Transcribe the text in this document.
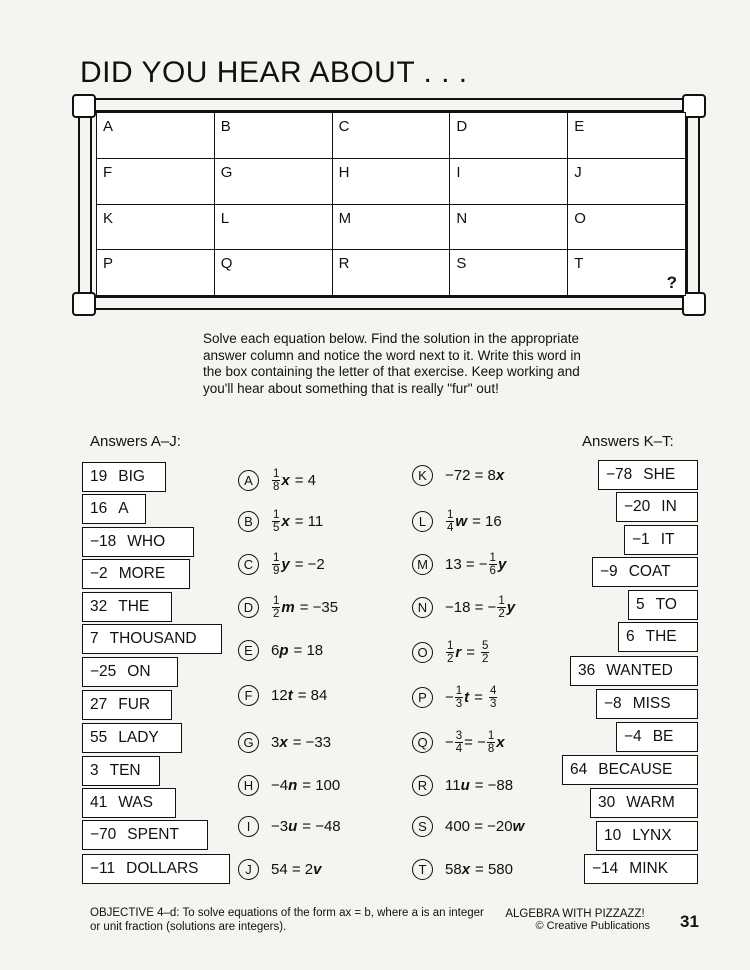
DID YOU HEAR ABOUT . . .
A	B	C	D	E
F	G	H	I	J
K	L	M	N	O
P	Q	R	S	T
?

Solve each equation below. Find the solution in the appropriate answer column and notice the word next to it. Write this word in the box containing the letter of that exercise. Keep working and you'll hear about something that is really "fur" out!

Answers A–J:	Answers K–T:
19 BIG
16 A
−18 WHO
−2 MORE
32 THE
7 THOUSAND
−25 ON
27 FUR
55 LADY
3 TEN
41 WAS
−70 SPENT
−11 DOLLARS
−78 SHE
−20 IN
−1 IT
−9 COAT
5 TO
6 THE
36 WANTED
−8 MISS
−4 BE
64 BECAUSE
30 WARM
10 LYNX
−14 MINK
A	$\frac{1}{8}$ x = 4
B	$\frac{1}{5}$ x = 11
C	$\frac{1}{9}$ y = −2
D	$\frac{1}{2}$ m = −35
E	6 p = 18
F	12 t = 84
G	3 x = −33
H	−4 n = 100
I	−3 u = −48
J	54 = 2 v
K	−72 = 8 x
L	$\frac{1}{4}$ w = 16
M	13 = − $\frac{1}{6}$ y
N	−18 = − $\frac{1}{2}$ y
O	$\frac{1}{2}$ $r = \frac{5}{2}$
P	− $\frac{1}{3}$ $t = \frac{4}{3}$
Q	− $\frac{3}{4}$ = − $\frac{1}{8}$ x
R	11 u = −88
S	400 = −20 w
T	58 x = 580

OBJECTIVE 4–d: To solve equations of the form ax = b, where a is an integer or unit fraction (solutions are integers).

ALGEBRA WITH PIZZAZZ!
© Creative Publications 31
